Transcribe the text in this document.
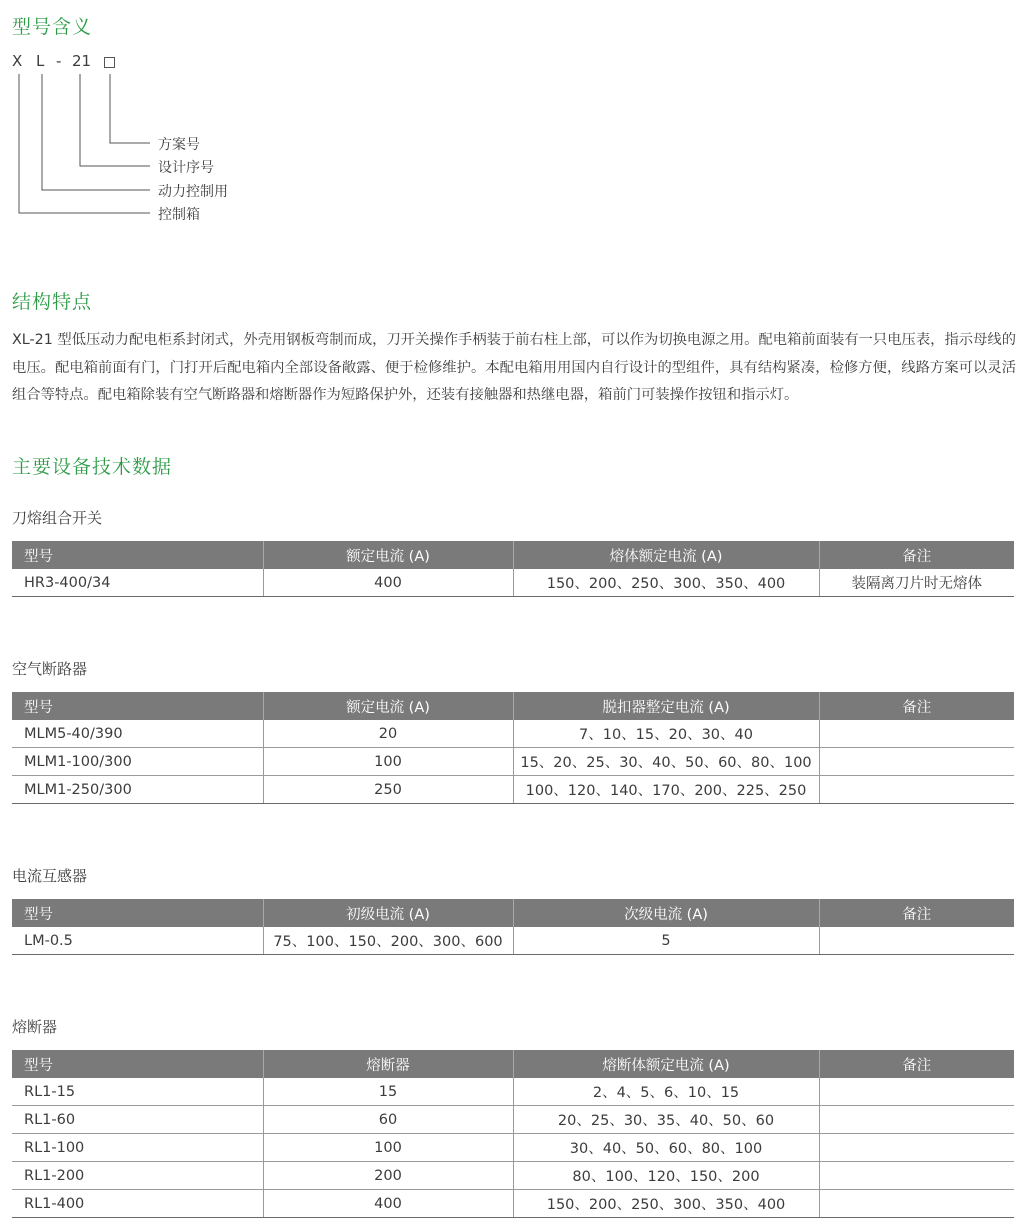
型号含义
X L - 21
方案号
设计序号
动力控制用
控制箱
结构特点

XL-21 型低压动力配电柜系封闭式，外壳用钢板弯制而成，刀开关操作手柄装于前右柱上部，可以作为切换电源之用。配电箱前面装有一只电压表，指示母线的电压。配电箱前面有门，门打开后配电箱内全部设备敞露、便于检修维护。本配电箱用用国内自行设计的型组件，具有结构紧凑，检修方便，线路方案可以灵活组合等特点。配电箱除装有空气断路器和熔断器作为短路保护外，还装有接触器和热继电器，箱前门可装操作按钮和指示灯。

主要设备技术数据
刀熔组合开关
型号	额定电流 (A)	熔体额定电流 (A)	备注
HR3-400/34	400	150、200、250、300、350、400	装隔离刀片时无熔体
空气断路器
型号	额定电流 (A)	脱扣器整定电流 (A)	备注
MLM5-40/390	20	7、10、15、20、30、40	
MLM1-100/300	100	15、20、25、30、40、50、60、80、100	
MLM1-250/300	250	100、120、140、170、200、225、250	
电流互感器
型号	初级电流 (A)	次级电流 (A)	备注
LM-0.5	75、100、150、200、300、600	5	
熔断器
型号	熔断器	熔断体额定电流 (A)	备注
RL1-15	15	2、4、5、6、10、15	
RL1-60	60	20、25、30、35、40、50、60	
RL1-100	100	30、40、50、60、80、100	
RL1-200	200	80、100、120、150、200	
RL1-400	400	150、200、250、300、350、400	
